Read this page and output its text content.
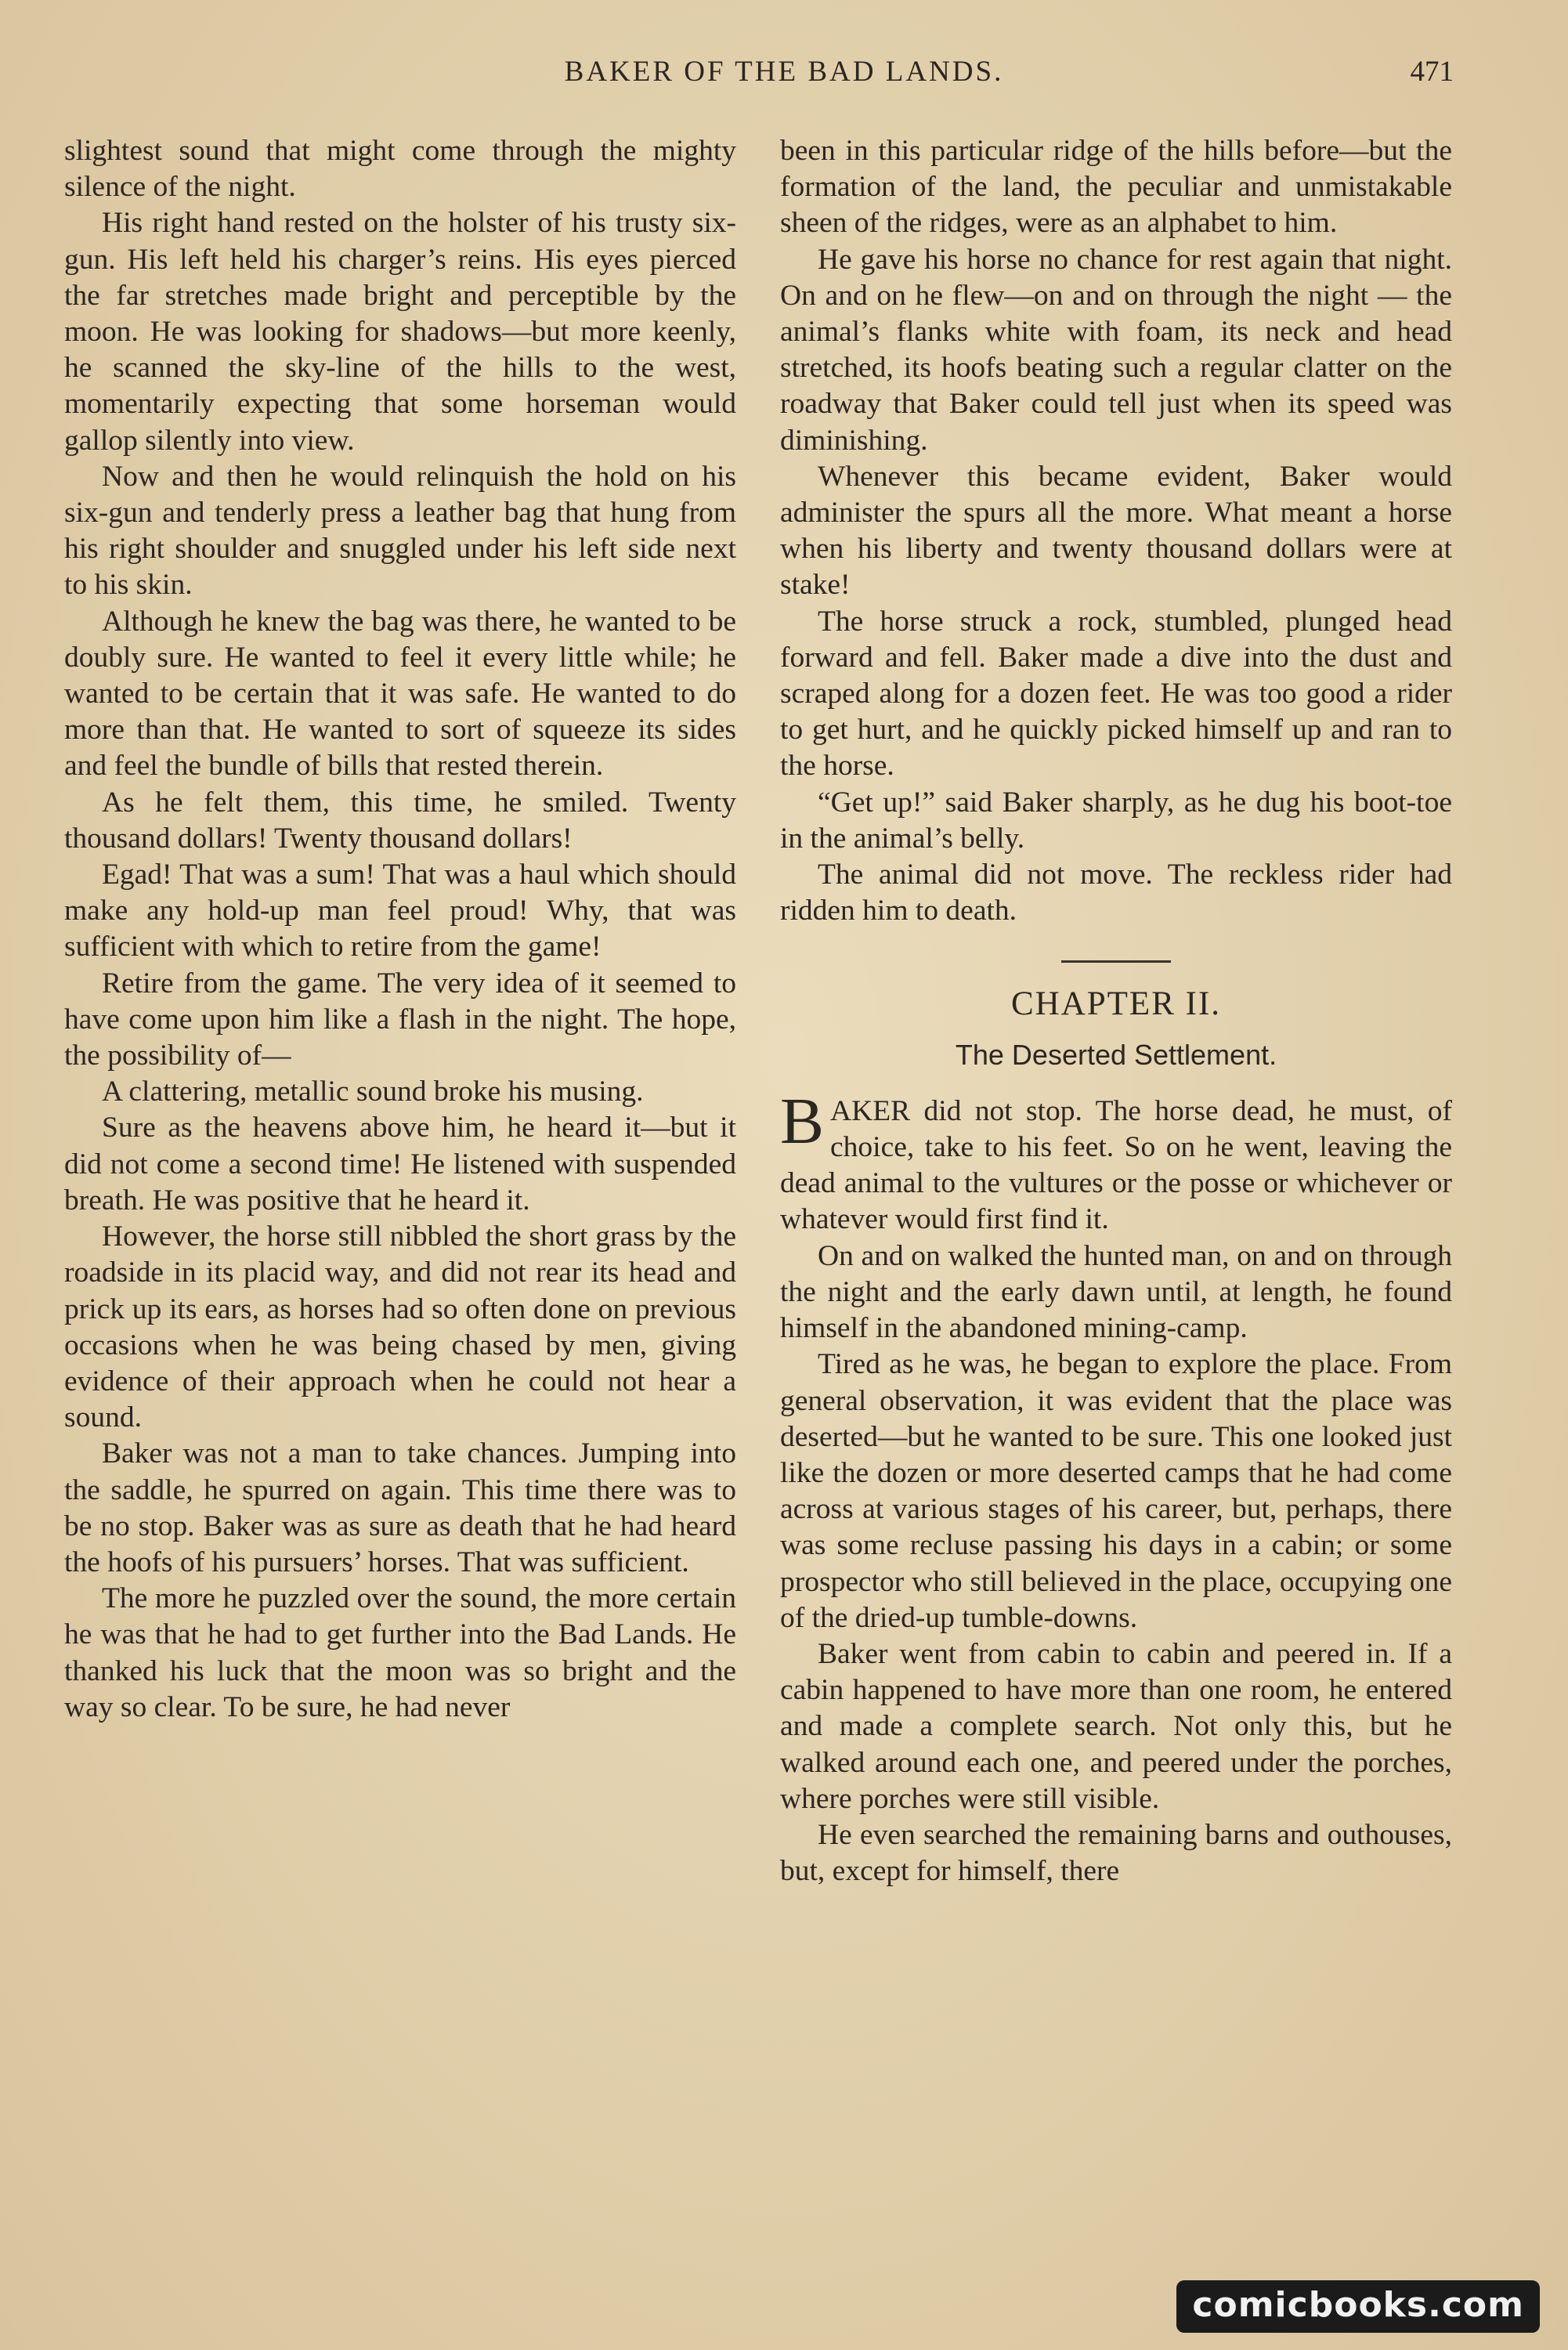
BAKER OF THE BAD LANDS.	471

slightest sound that might come through the mighty silence of the night.

His right hand rested on the holster of his trusty six-gun. His left held his charger’s reins. His eyes pierced the far stretches made bright and perceptible by the moon. He was looking for shadows—but more keenly, he scanned the sky-line of the hills to the west, momentarily expecting that some horseman would gallop silently into view.

Now and then he would relinquish the hold on his six-gun and tenderly press a leather bag that hung from his right shoulder and snuggled under his left side next to his skin.

Although he knew the bag was there, he wanted to be doubly sure. He wanted to feel it every little while; he wanted to be certain that it was safe. He wanted to do more than that. He wanted to sort of squeeze its sides and feel the bundle of bills that rested therein.

As he felt them, this time, he smiled. Twenty thousand dollars! Twenty thousand dollars!

Egad! That was a sum! That was a haul which should make any hold-up man feel proud! Why, that was sufficient with which to retire from the game!

Retire from the game. The very idea of it seemed to have come upon him like a flash in the night. The hope, the possibility of—

A clattering, metallic sound broke his musing.

Sure as the heavens above him, he heard it—but it did not come a second time! He listened with suspended breath. He was positive that he heard it.

However, the horse still nibbled the short grass by the roadside in its placid way, and did not rear its head and prick up its ears, as horses had so often done on previous occasions when he was being chased by men, giving evidence of their approach when he could not hear a sound.

Baker was not a man to take chances. Jumping into the saddle, he spurred on again. This time there was to be no stop. Baker was as sure as death that he had heard the hoofs of his pursuers’ horses. That was sufficient.

The more he puzzled over the sound, the more certain he was that he had to get further into the Bad Lands. He thanked his luck that the moon was so bright and the way so clear. To be sure, he had never

been in this particular ridge of the hills before—but the formation of the land, the peculiar and unmistakable sheen of the ridges, were as an alphabet to him.

He gave his horse no chance for rest again that night. On and on he flew—on and on through the night — the animal’s flanks white with foam, its neck and head stretched, its hoofs beating such a regular clatter on the roadway that Baker could tell just when its speed was diminishing.

Whenever this became evident, Baker would administer the spurs all the more. What meant a horse when his liberty and twenty thousand dollars were at stake!

The horse struck a rock, stumbled, plunged head forward and fell. Baker made a dive into the dust and scraped along for a dozen feet. He was too good a rider to get hurt, and he quickly picked himself up and ran to the horse.

“Get up!” said Baker sharply, as he dug his boot-toe in the animal’s belly.

The animal did not move. The reckless rider had ridden him to death.

CHAPTER II.
The Deserted Settlement.

BAKER did not stop. The horse dead, he must, of choice, take to his feet. So on he went, leaving the dead animal to the vultures or the posse or whichever or whatever would first find it.

On and on walked the hunted man, on and on through the night and the early dawn until, at length, he found himself in the abandoned mining-camp.

Tired as he was, he began to explore the place. From general observation, it was evident that the place was deserted—but he wanted to be sure. This one looked just like the dozen or more deserted camps that he had come across at various stages of his career, but, perhaps, there was some recluse passing his days in a cabin; or some prospector who still believed in the place, occupying one of the dried-up tumble-downs.

Baker went from cabin to cabin and peered in. If a cabin happened to have more than one room, he entered and made a complete search. Not only this, but he walked around each one, and peered under the porches, where porches were still visible.

He even searched the remaining barns and outhouses, but, except for himself, there

comicbooks.com
